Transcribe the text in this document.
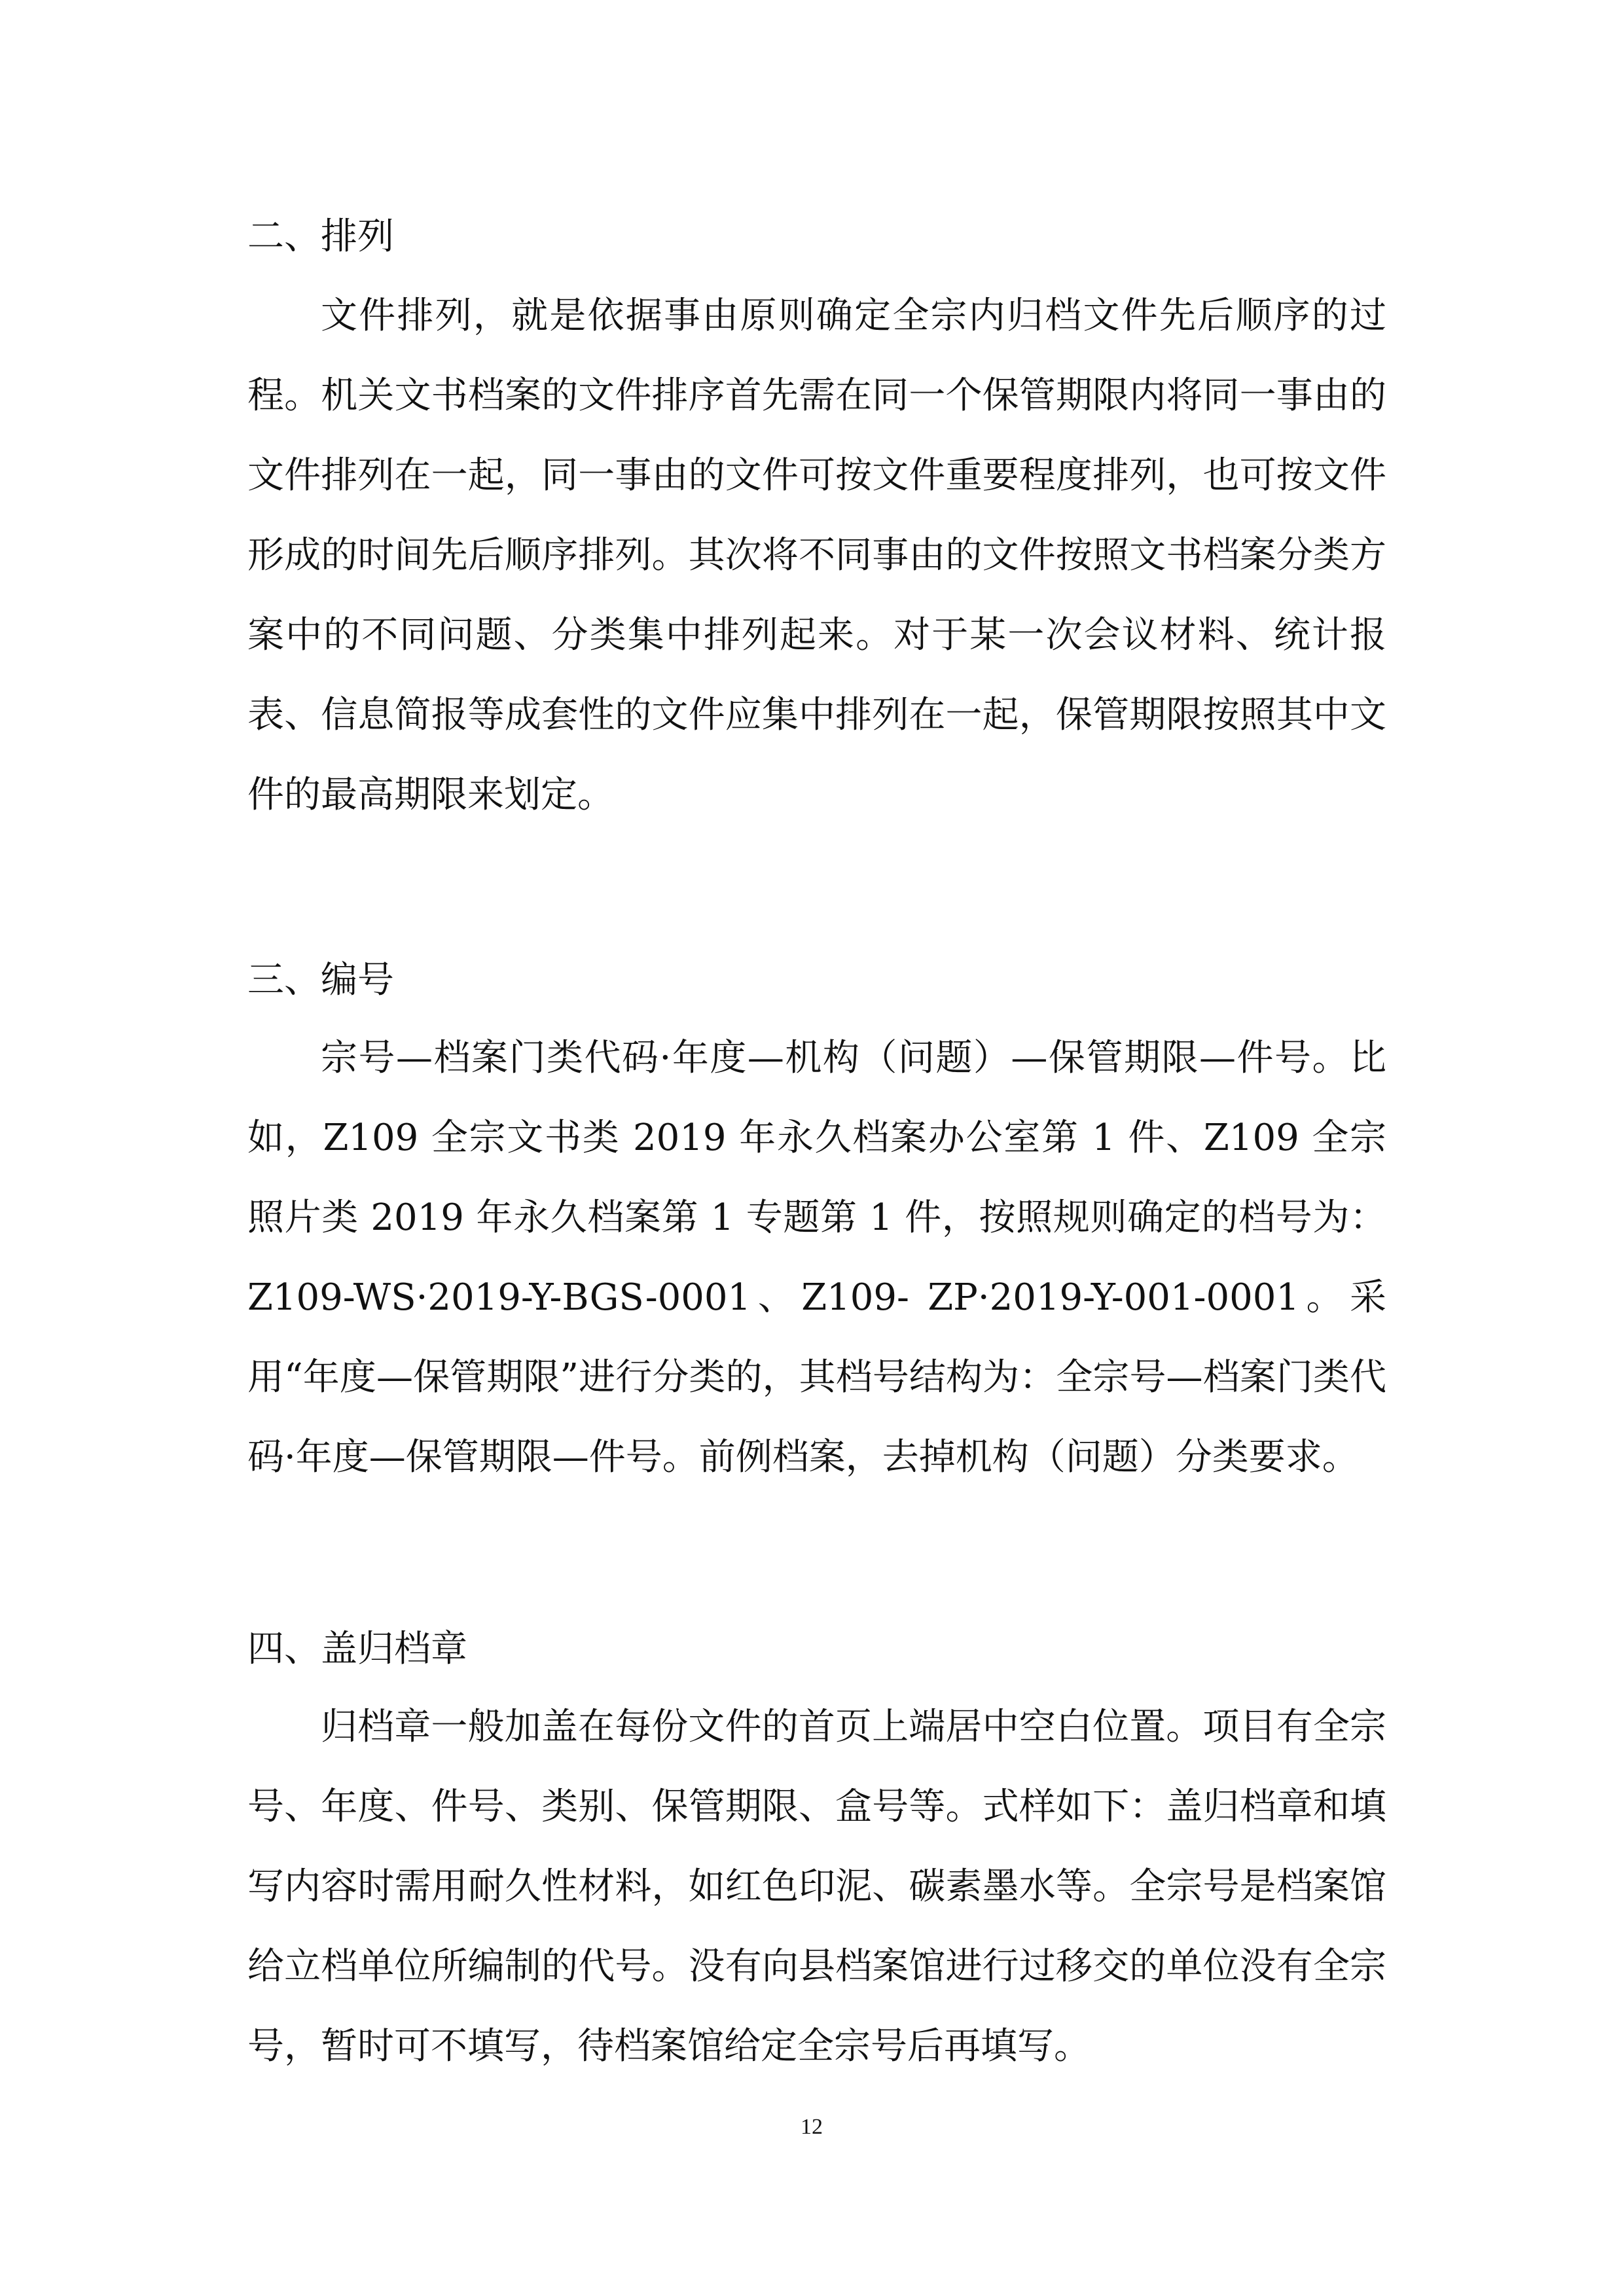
二、排列

文件排列，就是依据事由原则确定全宗内归档文件先后顺序的过程。机关文书档案的文件排序首先需在同一个保管期限内将同一事由的文件排列在一起，同一事由的文件可按文件重要程度排列，也可按文件形成的时间先后顺序排列。其次将不同事由的文件按照文书档案分类方案中的不同问题、分类集中排列起来。对于某一次会议材料、统计报表、信息简报等成套性的文件应集中排列在一起，保管期限按照其中文件的最高期限来划定。

三、编号

宗号—档案门类代码·年度—机构（问题）—保管期限—件号。比如，Z109 全宗文书类 2019 年永久档案办公室第 1 件、Z109 全宗照片类 2019 年永久档案第 1 专题第 1 件，按照规则确定的档号为：Z109-WS·2019-Y-BGS-0001、Z109- ZP·2019-Y-001-0001。采用“年度—保管期限”进行分类的，其档号结构为：全宗号—档案门类代码·年度—保管期限—件号。前例档案，去掉机构（问题）分类要求。

四、盖归档章

归档章一般加盖在每份文件的首页上端居中空白位置。项目有全宗号、年度、件号、类别、保管期限、盒号等。式样如下：盖归档章和填写内容时需用耐久性材料，如红色印泥、碳素墨水等。全宗号是档案馆给立档单位所编制的代号。没有向县档案馆进行过移交的单位没有全宗号，暂时可不填写，待档案馆给定全宗号后再填写。

12
